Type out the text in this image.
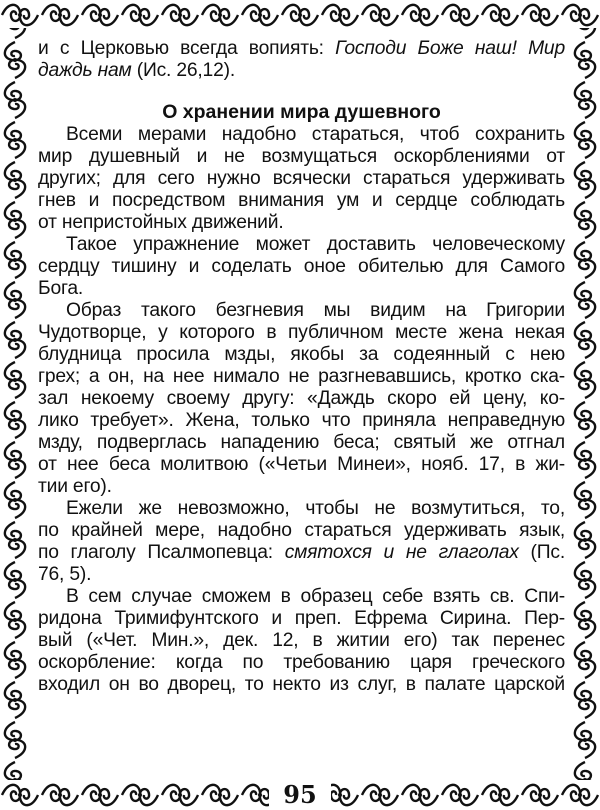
и с Церковью всегда вопиять: Господи Боже наш! Мир
даждь нам (Ис. 26,12).
О хранении мира душевного
Всеми мерами надобно стараться, чтоб сохранить
мир душевный и не возмущаться оскорблениями от
других; для сего нужно всячески стараться удерживать
гнев и посредством внимания ум и сердце соблюдать
от непристойных движений.
Такое упражнение может доставить человеческому
сердцу тишину и соделать оное обителью для Самого
Бога.
Образ такого безгневия мы видим на Григории
Чудотворце, у которого в публичном месте жена некая
блудница просила мзды, якобы за содеянный с нею
грех; а он, на нее нимало не разгневавшись, кротко ска-
зал некоему своему другу: «Даждь скоро ей цену, ко-
лико требует». Жена, только что приняла неправедную
мзду, подверглась нападению беса; святый же отгнал
от нее беса молитвою («Четьи Минеи», нояб. 17, в жи-
тии его).
Ежели же невозможно, чтобы не возмутиться, то,
по крайней мере, надобно стараться удерживать язык,
по глаголу Псалмопевца: смятохся и не глаголах (Пс.
76, 5).
В сем случае сможем в образец себе взять св. Спи-
ридона Тримифунтского и преп. Ефрема Сирина. Пер-
вый («Чет. Мин.», дек. 12, в житии его) так перенес
оскорбление: когда по требованию царя греческого
входил он во дворец, то некто из слуг, в палате царской
95
